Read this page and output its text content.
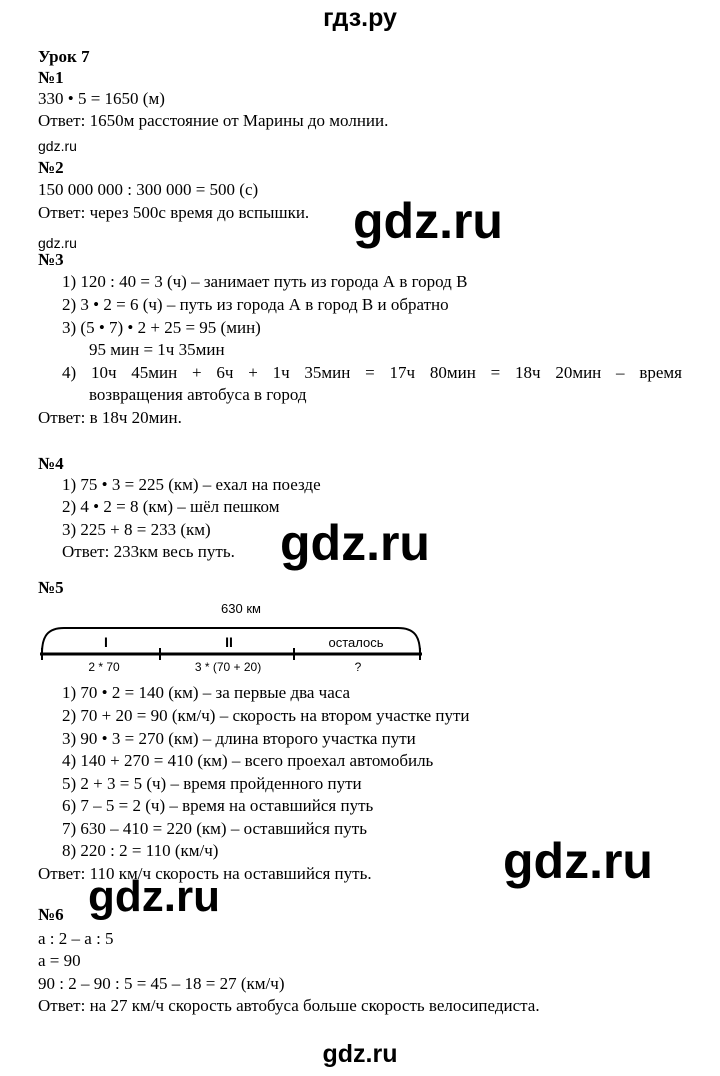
гдз.ру
Урок 7
№1
330 • 5 = 1650 (м)
Ответ: 1650м расстояние от Марины до молнии.
gdz.ru
№2
150 000 000 : 300 000 = 500 (с)
Ответ: через 500с время до вспышки. gdz.ru
gdz.ru
№3
1) 120 : 40 = 3 (ч) – занимает путь из города А в город В
2) 3 • 2 = 6 (ч) – путь из города А в город В и обратно
3) (5 • 7) • 2 + 25 = 95 (мин)
95 мин = 1ч 35мин
4) 10ч 45мин + 6ч + 1ч 35мин = 17ч 80мин = 18ч 20мин – время
возвращения автобуса в город
Ответ: в 18ч 20мин.
№4
1) 75 • 3 = 225 (км) – ехал на поезде
2) 4 • 2 = 8 (км) – шёл пешком
3) 225 + 8 = 233 (км)
Ответ: 233км весь путь. gdz.ru
№5
630 км
I	II	осталось
2 * 70	3 * (70 + 20)	?
1) 70 • 2 = 140 (км) – за первые два часа
2) 70 + 20 = 90 (км/ч) – скорость на втором участке пути
3) 90 • 3 = 270 (км) – длина второго участка пути
4) 140 + 270 = 410 (км) – всего проехал автомобиль
5) 2 + 3 = 5 (ч) – время пройденного пути
6) 7 – 5 = 2 (ч) – время на оставшийся путь
7) 630 – 410 = 220 (км) – оставшийся путь
8) 220 : 2 = 110 (км/ч)
Ответ: 110 км/ч скорость на оставшийся путь.	gdz.ru
gdz.ru
№6
a : 2 – a : 5
a = 90
90 : 2 – 90 : 5 = 45 – 18 = 27 (км/ч)
Ответ: на 27 км/ч скорость автобуса больше скорость велосипедиста.
gdz.ru
